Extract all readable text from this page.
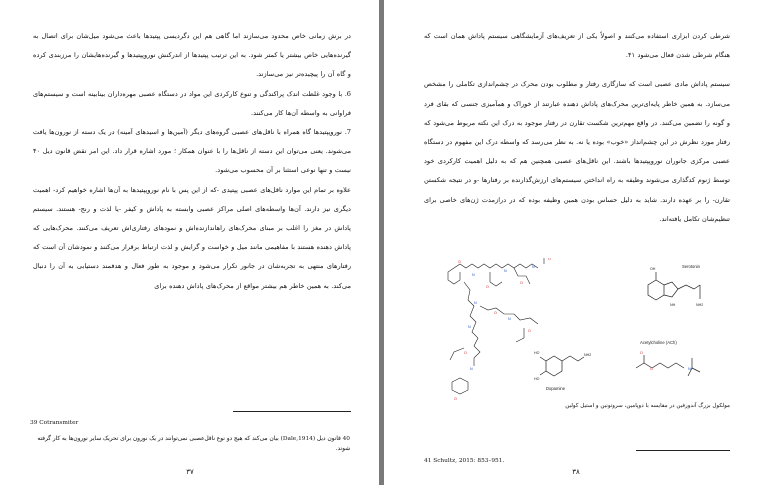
در برش زمانی خاص محدود می‌سازند اما گاهی هم این دگردیسی پپتیدها باعث می‌شود میل‌شان برای اتصال به گیرنده‌هایی خاص بیشتر یا کمتر شود. به این ترتیب پپتیدها از اندرکنش نوروپپتیدها و گیرنده‌هایشان را مرزبندی کرده و گاه آن را پیچیده‌تر نیز می‌سازند.

6. با وجود غلظت اندک پراکندگی و تنوع کارکردی این مواد در دستگاه عصبی مهره‌داران بینابینه است و سیستم‌های فراوانی به واسطه آن‌ها کار می‌کنند.

7. نوروپپتیدها گاه همراه با ناقل‌های عصبی گروه‌های دیگر (آمین‌ها و اسیدهای آمینه) در یک دسته از نورون‌ها یافت می‌شوند. یعنی می‌توان این دسته از ناقل‌ها را با عنوان همکار ؛ مورد اشاره قرار داد. این امر نقض قانون دیل ۴۰ نیست و تنها نوعی استثنا بر آن محسوب می‌شود.

علاوه بر تمام این موارد ناقل‌های عصبی پپتیدی -که از این پس با نام نوروپپتیدها به آن‌ها اشاره خواهیم کرد- اهمیت دیگری نیز دارند. آن‌ها واسطه‌های اصلی مراکز عصبی وابسته به پاداش و کیفر -یا لذت و رنج- هستند. سیستم پاداش در مغز را اغلب بر مبنای محرک‌های راهاندازنده‌اش و نمودهای رفتاری‌اش تعریف می‌کنند. محرک‌هایی که پاداش دهنده هستند با مفاهیمی مانند میل و خواست و گرایش و لذت ارتباط برقرار می‌کنند و نمودشان آن است که رفتارهای منتهی به تجربه‌شان در جانور تکرار می‌شود و موجود به طور فعال و هدفمند دستیابی به آن را دنبال می‌کند. به همین خاطر هم بیشتر مواقع از محرک‌های پاداش دهنده برای

39 Cotransmiter
40 قانون دیل (Dale,1914) بیان می‌کند که هیچ دو نوع ناقل‌عصبی نمی‌توانند در یک نورون برای تحریک سایر نورون‌ها به کار گرفته شوند.
۳۷

شرطی کردن ابزاری استفاده می‌کنند و اصولاً یکی از تعریف‌های آزمایشگاهی سیستم پاداش همان است که هنگام شرطی شدن فعال می‌شود ۴۱.

سیستم پاداش مادی عصبی است که سازگاری رفتار و مطلوب بودن محرک در چشم‌اندازی تکاملی را مشخص می‌سازد. به همین خاطر پایه‌ای‌ترین محرک‌های پاداش دهنده عبارتند از خوراک و همآمیزی جنسی که بقای فرد و گونه را تضمین می‌کنند. در واقع مهم‌ترین شکست تقارن در رفتار موجود به درک این نکته مربوط می‌شود که رفتار مورد نظرش در این چشم‌انداز «خوب» بوده یا نه. به نظر می‌رسد که واسطه درک این مفهوم در دستگاه عصبی مرکزی جانوران نوروپپتیدها باشند. این ناقل‌های عصبی همچنین هم که به دلیل اهمیت کارکردی خود توسط ژنوم کدگذاری می‌شوند وظیفه به راه انداختن سیستم‌های ارزش‌گذارنده بر رفتارها -و در نتیجه شکستن تقارن- را بر عهده دارند. شاید به دلیل حساس بودن همین وظیفه بوده که در درازمدت ژن‌های خاصی برای تنظیم‌شان تکامل یافته‌اند.

O
N
O
N
O
N
O
N
O
N
O
N
O
N
O
OH
NH	NH2
Serotonin
O
O
N+
Acetylcholine (ACh)
HO
HO
NH2
Dopamine
مولکول بزرگ آندورفین در مقایسه با دوپامین، سروتونین و استیل کولین
41 Schultz, 2015: 853–951.
۳۸
